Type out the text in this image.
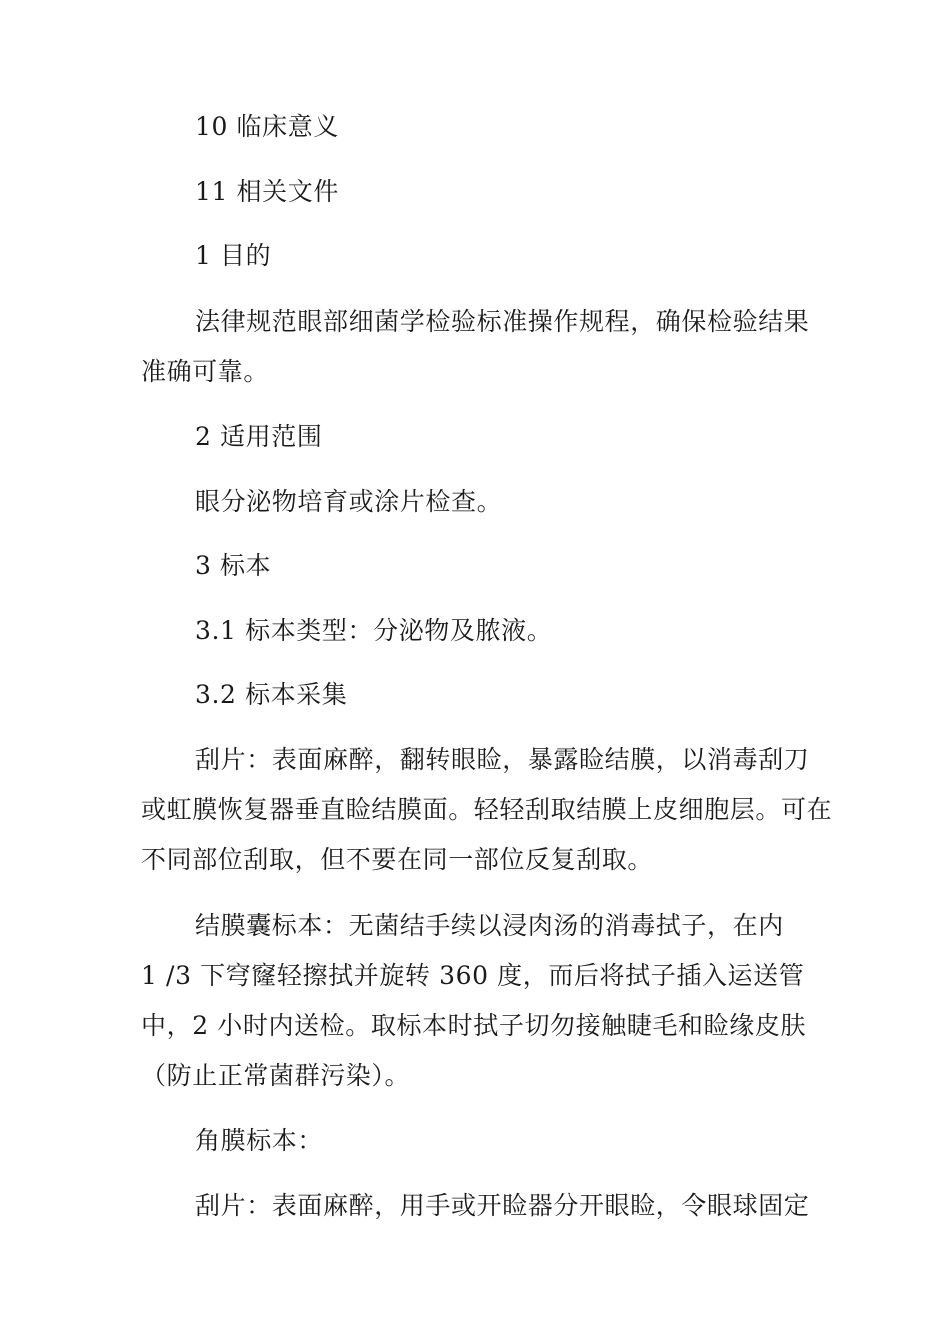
10 临床意义
11 相关文件
1 目的
法律规范眼部细菌学检验标准操作规程，确保检验结果
准确可靠。
2 适用范围
眼分泌物培育或涂片检查。
3 标本
3.1 标本类型：分泌物及脓液。
3.2 标本采集
刮片：表面麻醉，翻转眼睑，暴露睑结膜，以消毒刮刀
或虹膜恢复器垂直睑结膜面。轻轻刮取结膜上皮细胞层。可在
不同部位刮取，但不要在同一部位反复刮取。
结膜囊标本：无菌结手续以浸肉汤的消毒拭子，在内
1 /3 下穹窿轻擦拭并旋转 360 度，而后将拭子插入运送管
中，2 小时内送检。取标本时拭子切勿接触睫毛和睑缘皮肤
（防止正常菌群污染）。
角膜标本：
刮片：表面麻醉，用手或开睑器分开眼睑，令眼球固定
